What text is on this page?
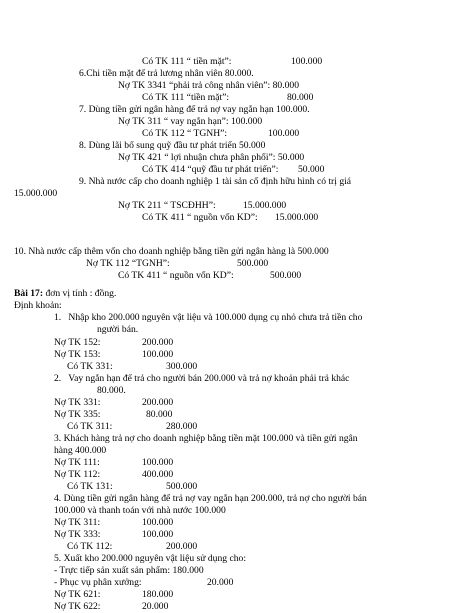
Có TK 111 “ tiền mặt”:	100.000
6.Chi tiền mặt để trả lương nhân viên 80.000.
Nợ TK 3341 “phải trả công nhân viên”: 80.000
Có TK 111 “tiền mặt”:	80.000
7. Dùng tiền gửi ngân hàng để trả nợ vay ngắn hạn 100.000.
Nợ TK 311 “ vay ngắn hạn”: 100.000
Có TK 112 “ TGNH”:	100.000
8. Dùng lãi bổ sung quỹ đầu tư phát triển 50.000
Nợ TK 421 “ lợi nhuận chưa phân phối”: 50.000
Có TK 414 “quỹ đầu tư phát triển”: 50.000
9. Nhà nước cấp cho doanh nghiệp 1 tài sản cố định hữu hình có trị giá
15.000.000
Nợ TK 211 “ TSCĐHH”:	15.000.000
Có TK 411 “ nguồn vốn KD”: 15.000.000
10. Nhà nước cấp thêm vốn cho doanh nghiệp bằng tiền gửi ngân hàng là 500.000
Nợ TK 112 “TGNH”:	500.000
Có TK 411 “ nguồn vốn KD”:	500.000
Bài 17: đơn vị tính : đồng.
Định khoản:
1.   Nhập kho 200.000 nguyên vật liệu và 100.000 dụng cụ nhỏ chưa trả tiền cho
người bán.
Nợ TK 152:	200.000
Nợ TK 153:	100.000
Có TK 331:	300.000
2.   Vay ngắn hạn để trả cho người bán 200.000 và trả nợ khoản phải trả khác
80.000.
Nợ TK 331:	200.000
Nợ TK 335:	80.000
Có TK 311:	280.000
3. Khách hàng trả nợ cho doanh nghiệp bằng tiền mặt 100.000 và tiền gửi ngân
hàng 400.000
Nợ TK 111:	100.000
Nợ TK 112:	400.000
Có TK 131:	500.000
4. Dùng tiền gửi ngân hàng để trả nợ vay ngắn hạn 200.000, trả nợ cho người bán
100.000 và thanh toán với nhà nước 100.000
Nợ TK 311:	100.000
Nợ TK 333:	100.000
Có TK 112:	200.000
5. Xuất kho 200.000 nguyên vật liệu sử dụng cho:
- Trực tiếp sản xuất sản phẩm: 180.000
- Phục vụ phân xưởng:	20.000
Nợ TK 621:	180.000
Nợ TK 622:	20.000
